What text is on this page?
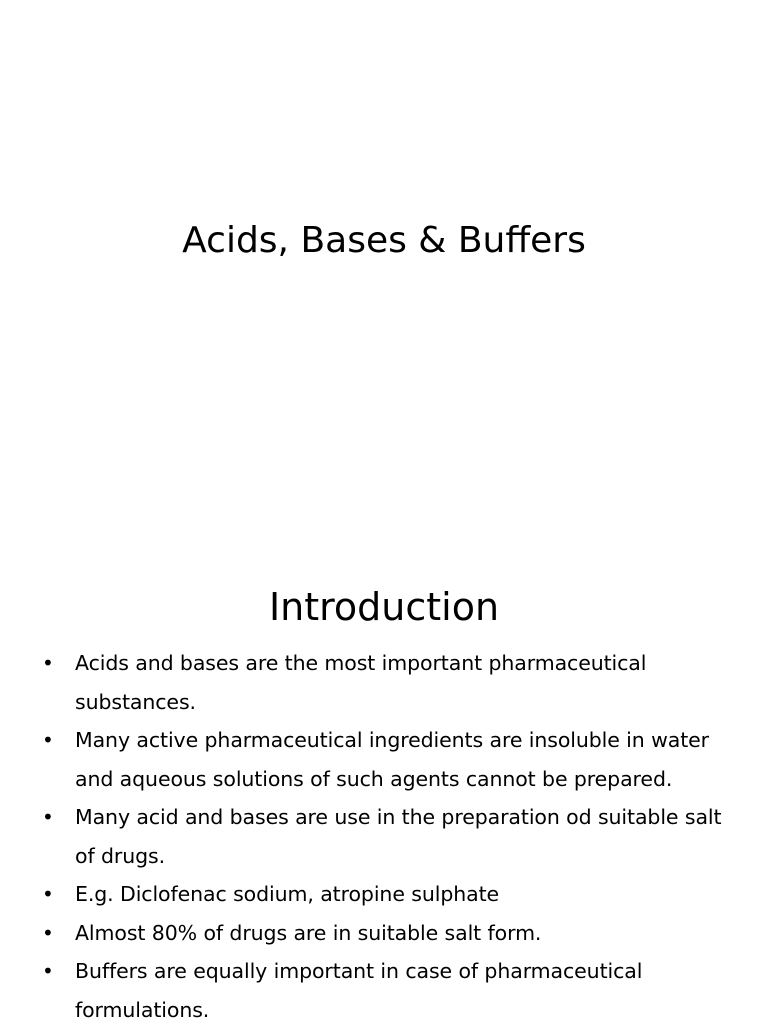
Acids, Bases & Buffers
Introduction
• Acids and bases are the most important pharmaceutical substances.
• Many active pharmaceutical ingredients are insoluble in water and aqueous solutions of such agents cannot be prepared.
• Many acid and bases are use in the preparation od suitable salt of drugs.
• E.g. Diclofenac sodium, atropine sulphate
• Almost 80% of drugs are in suitable salt form.
• Buffers are equally important in case of pharmaceutical formulations.
